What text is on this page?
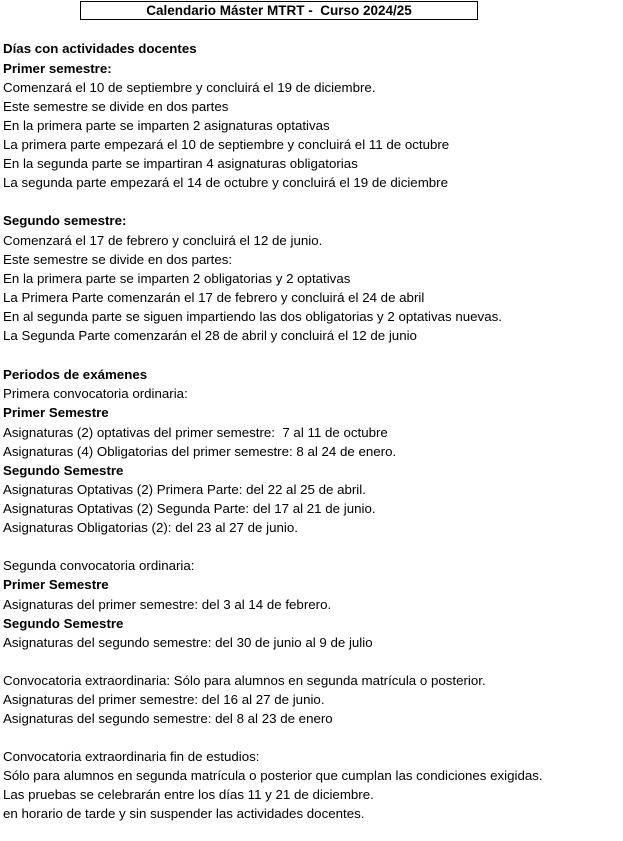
Calendario Máster MTRT -  Curso 2024/25
Días con actividades docentes
Primer semestre:
Comenzará el 10 de septiembre y concluirá el 19 de diciembre.
Este semestre se divide en dos partes
En la primera parte se imparten 2 asignaturas optativas
La primera parte empezará el 10 de septiembre y concluirá el 11 de octubre
En la segunda parte se impartiran 4 asignaturas obligatorias
La segunda parte empezará el 14 de octubre y concluirá el 19 de diciembre
Segundo semestre:
Comenzará el 17 de febrero y concluirá el 12 de junio.
Este semestre se divide en dos partes:
En la primera parte se imparten 2 obligatorias y 2 optativas
La Primera Parte comenzarán el 17 de febrero y concluirá el 24 de abril
En al segunda parte se siguen impartiendo las dos obligatorias y 2 optativas nuevas.
La Segunda Parte comenzarán el 28 de abril y concluirá el 12 de junio
Periodos de exámenes
Primera convocatoria ordinaria:
Primer Semestre
Asignaturas (2) optativas del primer semestre:  7 al 11 de octubre
Asignaturas (4) Obligatorias del primer semestre: 8 al 24 de enero.
Segundo Semestre
Asignaturas Optativas (2) Primera Parte: del 22 al 25 de abril.
Asignaturas Optativas (2) Segunda Parte: del 17 al 21 de junio.
Asignaturas Obligatorias (2): del 23 al 27 de junio.
Segunda convocatoria ordinaria:
Primer Semestre
Asignaturas del primer semestre: del 3 al 14 de febrero.
Segundo Semestre
Asignaturas del segundo semestre: del 30 de junio al 9 de julio
Convocatoria extraordinaria: Sólo para alumnos en segunda matrícula o posterior.
Asignaturas del primer semestre: del 16 al 27 de junio.
Asignaturas del segundo semestre: del 8 al 23 de enero
Convocatoria extraordinaria fin de estudios:
Sólo para alumnos en segunda matrícula o posterior que cumplan las condiciones exigidas.
Las pruebas se celebrarán entre los días 11 y 21 de diciembre.
en horario de tarde y sin suspender las actividades docentes.
